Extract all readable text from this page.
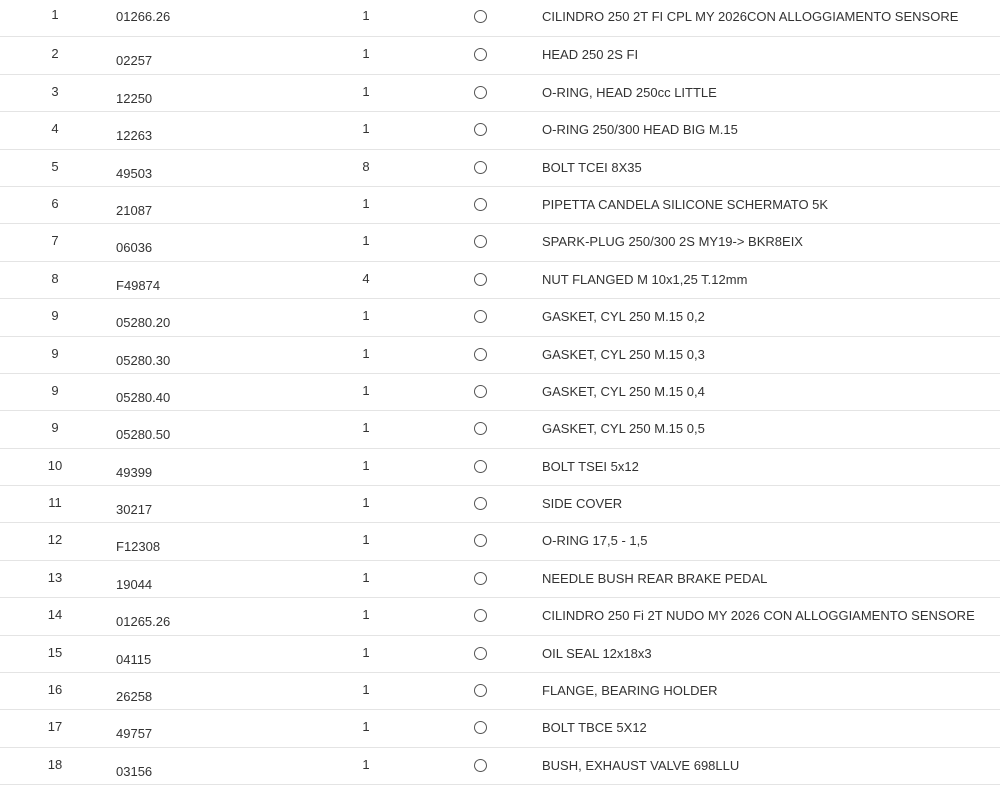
1	01266.26	1	CILINDRO 250 2T FI CPL MY 2026CON ALLOGGIAMENTO SENSORE
2	02257	1	HEAD 250 2S FI
3	12250	1	O-RING, HEAD 250cc LITTLE
4	12263	1	O-RING 250/300 HEAD BIG M.15
5	49503	8	BOLT TCEI 8X35
6	21087	1	PIPETTA CANDELA SILICONE SCHERMATO 5K
7	06036	1	SPARK-PLUG 250/300 2S MY19-> BKR8EIX
8	F49874	4	NUT FLANGED M 10x1,25 T.12mm
9	05280.20	1	GASKET, CYL 250 M.15 0,2
9	05280.30	1	GASKET, CYL 250 M.15 0,3
9	05280.40	1	GASKET, CYL 250 M.15 0,4
9	05280.50	1	GASKET, CYL 250 M.15 0,5
10	49399	1	BOLT TSEI 5x12
11	30217	1	SIDE COVER
12	F12308	1	O-RING 17,5 - 1,5
13	19044	1	NEEDLE BUSH REAR BRAKE PEDAL
14	01265.26	1	CILINDRO 250 Fi 2T NUDO MY 2026 CON ALLOGGIAMENTO SENSORE
15	04115	1	OIL SEAL 12x18x3
16	26258	1	FLANGE, BEARING HOLDER
17	49757	1	BOLT TBCE 5X12
18	03156	1	BUSH, EXHAUST VALVE 698LLU
